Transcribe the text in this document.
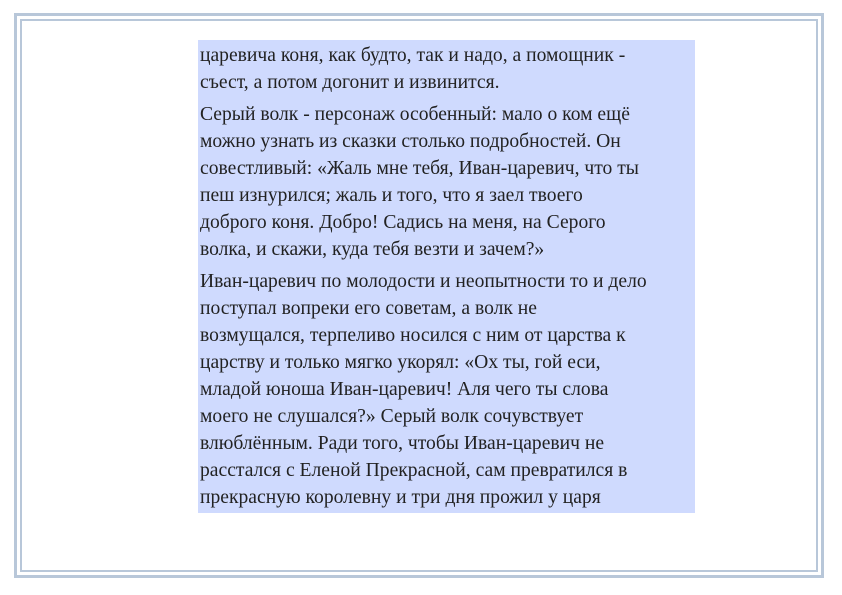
царевича коня, как будто, так и надо, а помощник -
съест, а потом догонит и извинится.

Серый волк - персонаж особенный: мало о ком ещё
можно узнать из сказки столько подробностей. Он
совестливый: «Жаль мне тебя, Иван-царевич, что ты
пеш изнурился; жаль и того, что я заел твоего
доброго коня. Добро! Садись на меня, на Серого
волка, и скажи, куда тебя везти и зачем?»

Иван-царевич по молодости и неопытности то и дело
поступал вопреки его советам, а волк не
возмущался, терпеливо носился с ним от царства к
царству и только мягко укорял: «Ох ты, гой еси,
младой юноша Иван-царевич! Аля чего ты слова
моего не слушался?» Серый волк сочувствует
влюблённым. Ради того, чтобы Иван-царевич не
расстался с Еленой Прекрасной, сам превратился в
прекрасную королевну и три дня прожил у царя
